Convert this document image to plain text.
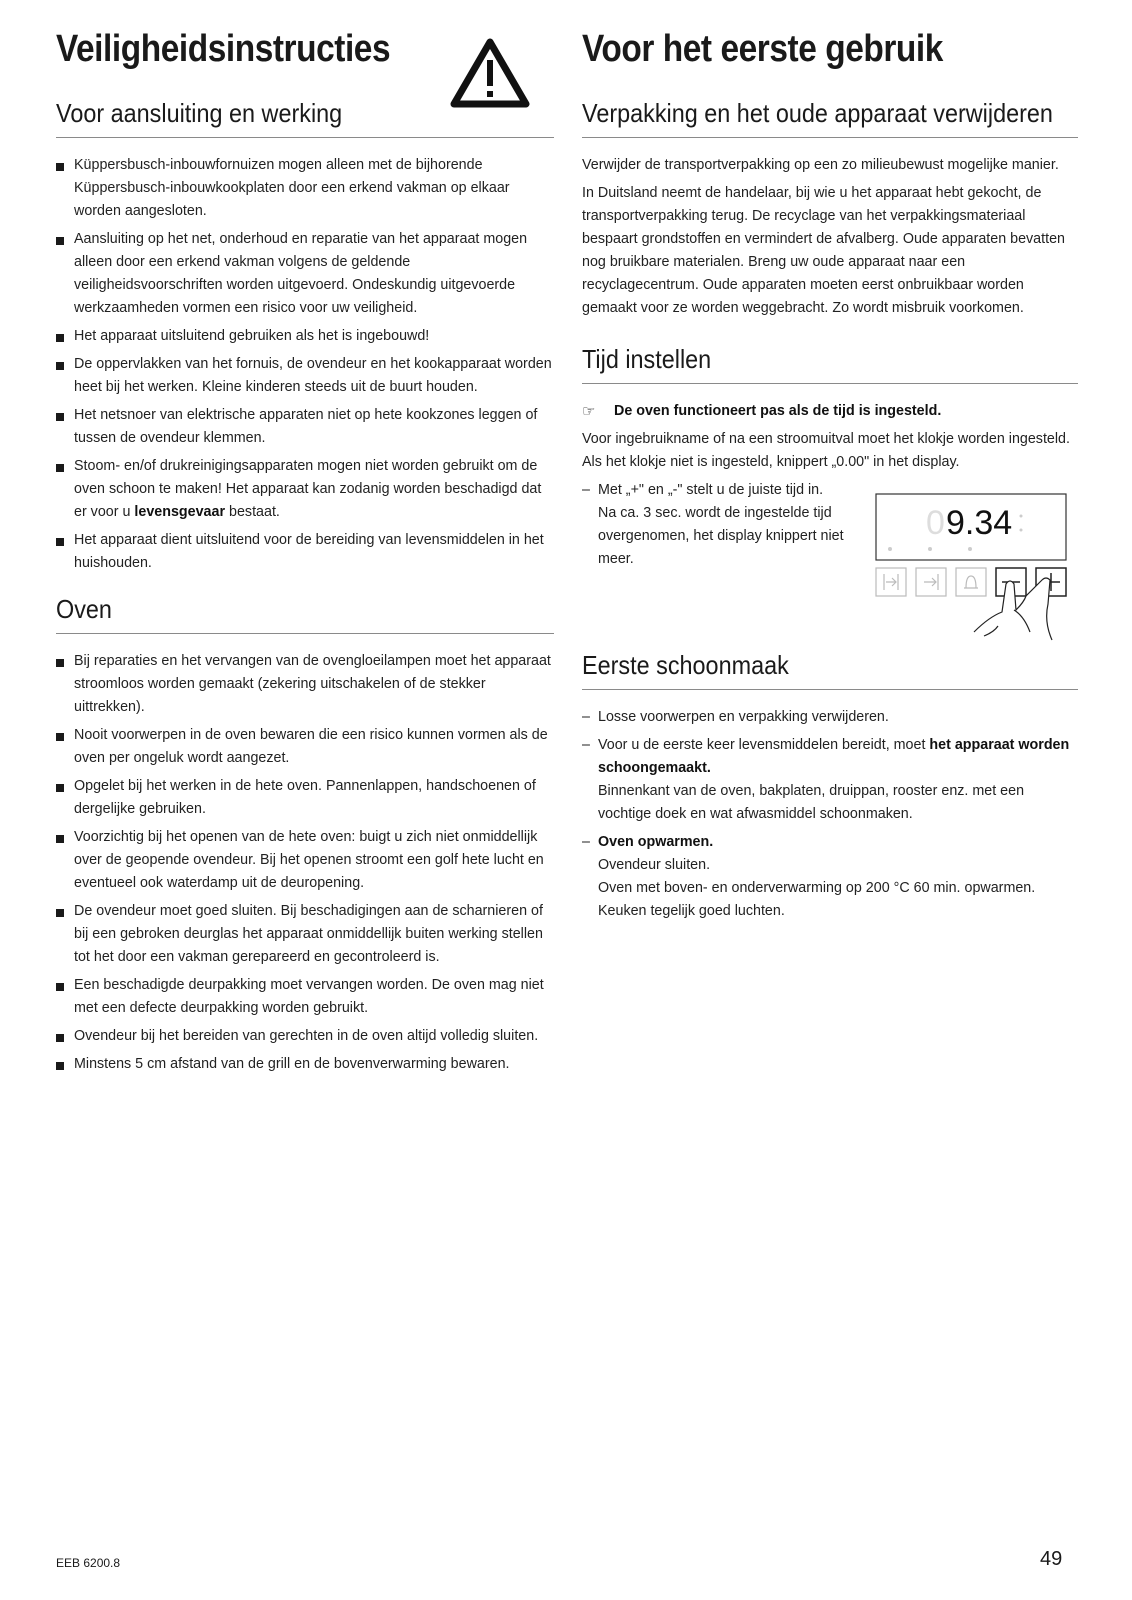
Veiligheidsinstructies
Voor aansluiting en werking
Küppersbusch-inbouwfornuizen mogen alleen met de bijhorende Küppersbusch-inbouwkookplaten door een erkend vakman op elkaar worden aangesloten.
Aansluiting op het net, onderhoud en reparatie van het apparaat mogen alleen door een erkend vakman volgens de geldende veiligheidsvoorschriften worden uitgevoerd. Ondeskundig uitgevoerde werkzaamheden vormen een risico voor uw veiligheid.
Het apparaat uitsluitend gebruiken als het is ingebouwd!
De oppervlakken van het fornuis, de ovendeur en het kookapparaat worden heet bij het werken. Kleine kinderen steeds uit de buurt houden.
Het netsnoer van elektrische apparaten niet op hete kookzones leggen of tussen de ovendeur klemmen.
Stoom- en/of drukreinigingsapparaten mogen niet worden gebruikt om de oven schoon te maken! Het apparaat kan zodanig worden beschadigd dat er voor u levensgevaar bestaat.
Het apparaat dient uitsluitend voor de bereiding van levensmiddelen in het huishouden.
Oven
Bij reparaties en het vervangen van de ovengloeilampen moet het apparaat stroomloos worden gemaakt (zekering uitschakelen of de stekker uittrekken).
Nooit voorwerpen in de oven bewaren die een risico kunnen vormen als de oven per ongeluk wordt aangezet.
Opgelet bij het werken in de hete oven. Pannenlappen, handschoenen of dergelijke gebruiken.
Voorzichtig bij het openen van de hete oven: buigt u zich niet onmiddellijk over de geopende ovendeur. Bij het openen stroomt een golf hete lucht en eventueel ook waterdamp uit de deuropening.
De ovendeur moet goed sluiten. Bij beschadigingen aan de scharnieren of bij een gebroken deurglas het apparaat onmiddellijk buiten werking stellen tot het door een vakman gerepareerd en gecontroleerd is.
Een beschadigde deurpakking moet vervangen worden. De oven mag niet met een defecte deurpakking worden gebruikt.
Ovendeur bij het bereiden van gerechten in de oven altijd volledig sluiten.
Minstens 5 cm afstand van de grill en de bovenverwarming bewaren.
Voor het eerste gebruik
Verpakking en het oude apparaat verwijderen

Verwijder de transportverpakking op een zo milieubewust mogelijke manier.

In Duitsland neemt de handelaar, bij wie u het apparaat hebt gekocht, de transportverpakking terug. De recyclage van het verpakkingsmateriaal bespaart grondstoffen en vermindert de afvalberg. Oude apparaten bevatten nog bruikbare materialen. Breng uw oude apparaat naar een recyclagecentrum. Oude apparaten moeten eerst onbruikbaar worden gemaakt voor ze worden weggebracht. Zo wordt misbruik voorkomen.

Tijd instellen

☞ De oven functioneert pas als de tijd is ingesteld.

Voor ingebruikname of na een stroomuitval moet het klokje worden ingesteld. Als het klokje niet is ingesteld, knippert „0.00" in het display.

– Met „+" en „-" stelt u de juiste tijd in. Na ca. 3 sec. wordt de ingestelde tijd overgenomen, het display knippert niet meer.
Eerste schoonmaak
– Losse voorwerpen en verpakking verwijderen.
– Voor u de eerste keer levensmiddelen bereidt, moet het apparaat worden schoongemaakt.
Binnenkant van de oven, bakplaten, druippan, rooster enz. met een vochtige doek en wat afwasmiddel schoonmaken.
– Oven opwarmen.
Ovendeur sluiten.
Oven met boven- en onderverwarming op 200 °C 60 min. opwarmen.
Keuken tegelijk goed luchten.
0 9.34
EEB 6200.8	49
